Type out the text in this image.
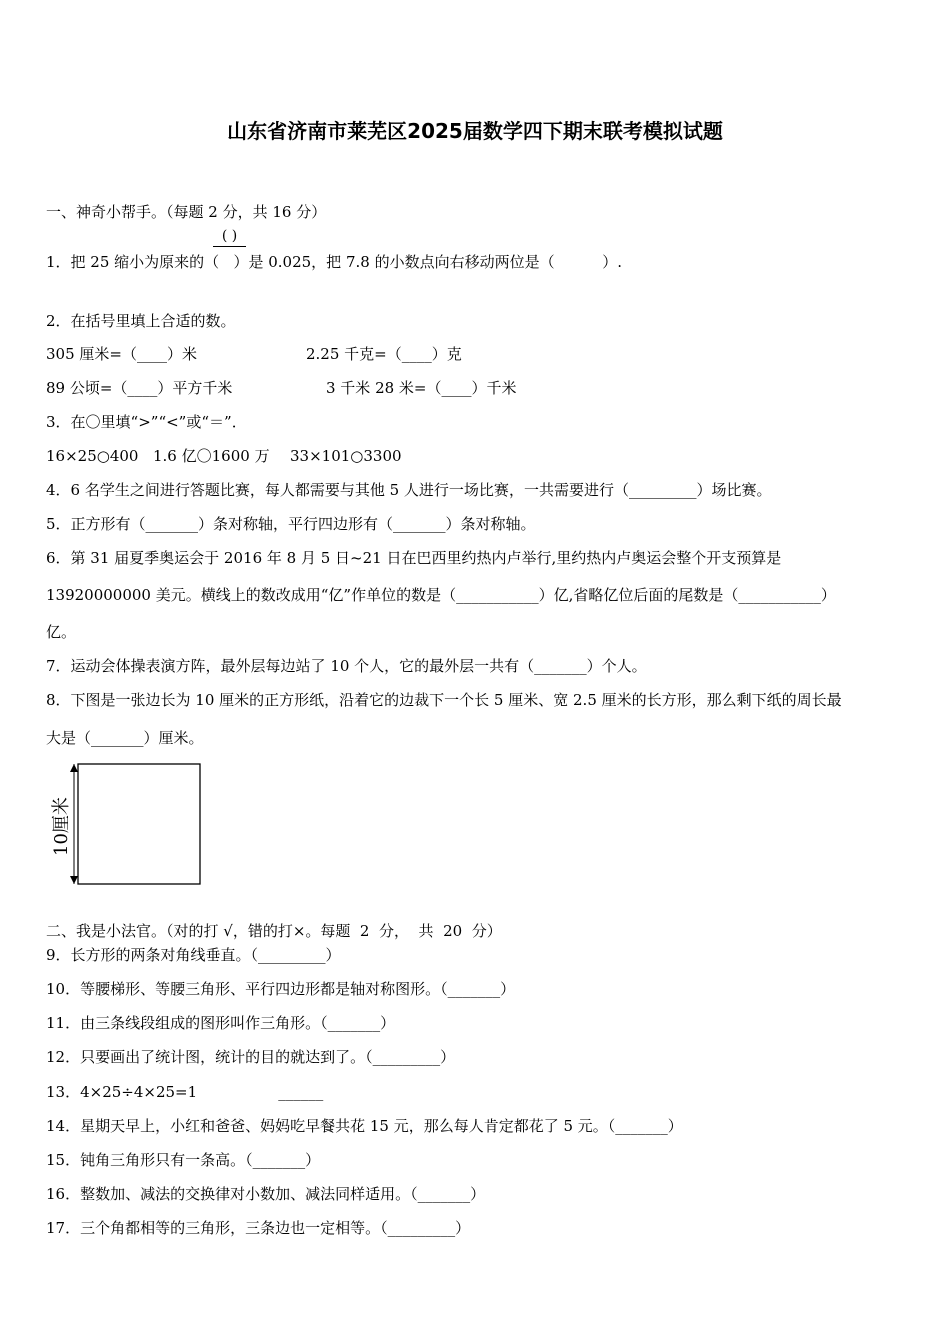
山东省济南市莱芜区2025届数学四下期末联考模拟试题
一、神奇小帮手。（每题 2 分，共 16 分）
( )
1．把 25 缩小为原来的（   ）是 0.025，把 7.8 的小数点向右移动两位是（          ）.
2．在括号里填上合适的数。
305 厘米=（____）米	2.25 千克=（____）克
89 公顷=（____）平方千米	3 千米 28 米=（____）千米
3．在〇里填“>”“<”或“＝”．
16×25○400 1.6 亿〇1600 万 33×101○3300
4．6 名学生之间进行答题比赛，每人都需要与其他 5 人进行一场比赛，一共需要进行（_________）场比赛。
5．正方形有（_______）条对称轴，平行四边形有（_______）条对称轴。
6．第 31 届夏季奥运会于 2016 年 8 月 5 日~21 日在巴西里约热内卢举行,里约热内卢奥运会整个开支预算是
13920000000 美元。横线上的数改成用“亿”作单位的数是（___________）亿,省略亿位后面的尾数是（___________）
亿。
7．运动会体操表演方阵，最外层每边站了 10 个人，它的最外层一共有（_______）个人。
8．下图是一张边长为 10 厘米的正方形纸，沿着它的边裁下一个长 5 厘米、宽 2.5 厘米的长方形，那么剩下纸的周长最
大是（_______）厘米。
10厘米
二、我是小法官。（对的打 √，错的打×。每题  2  分，  共  20  分）
9．长方形的两条对角线垂直。（_________）
10．等腰梯形、等腰三角形、平行四边形都是轴对称图形。（_______）
11．由三条线段组成的图形叫作三角形。（_______）
12．只要画出了统计图，统计的目的就达到了。（_________）
13．4×25÷4×25=1                 ______
14．星期天早上，小红和爸爸、妈妈吃早餐共花 15 元，那么每人肯定都花了 5 元。（_______）
15．钝角三角形只有一条高。（_______）
16．整数加、减法的交换律对小数加、减法同样适用。（_______）
17．三个角都相等的三角形，三条边也一定相等。（_________）
